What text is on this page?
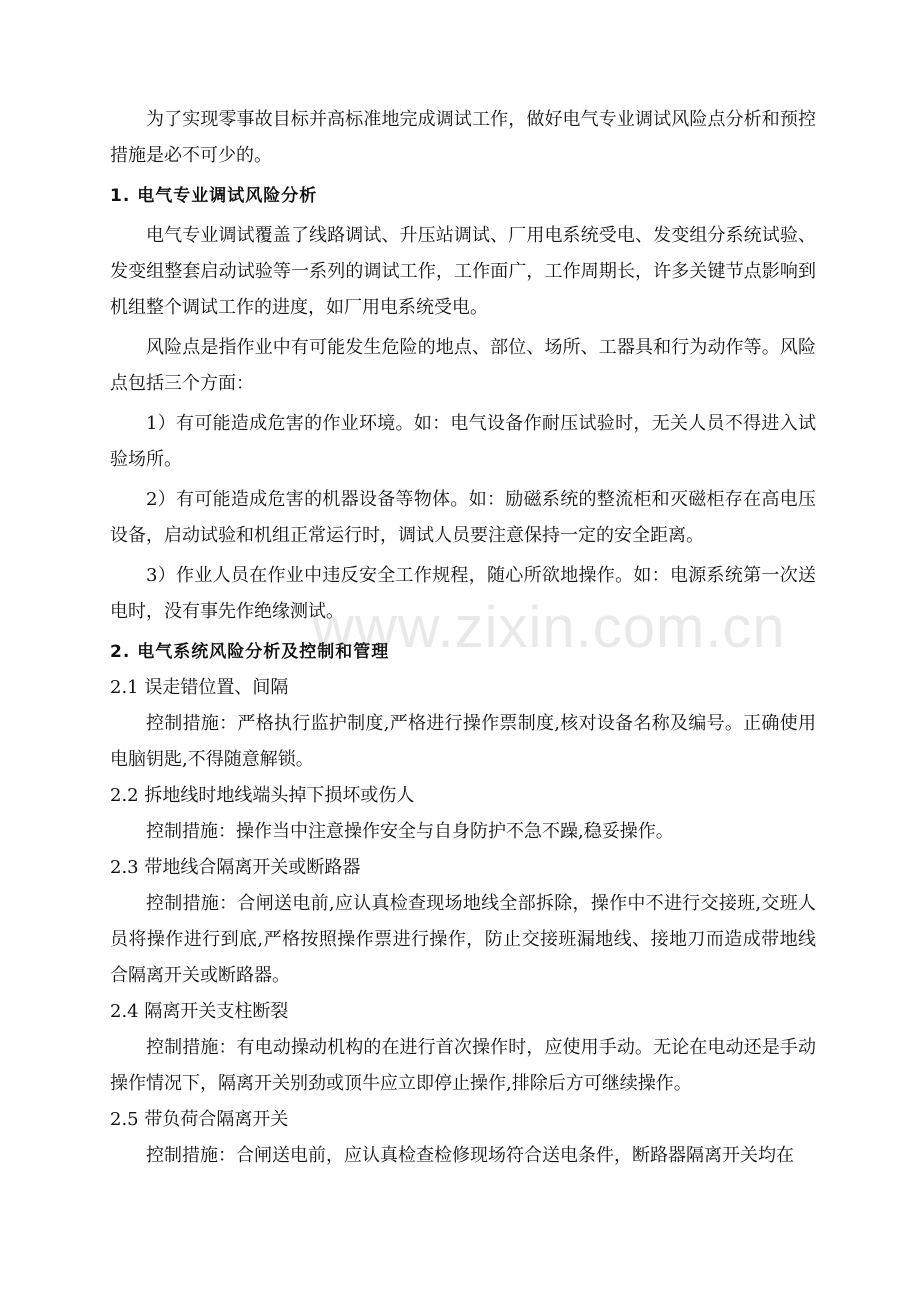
为了实现零事故目标并高标准地完成调试工作，做好电气专业调试风险点分析和预控措施是必不可少的。

1. 电气专业调试风险分析

电气专业调试覆盖了线路调试、升压站调试、厂用电系统受电、发变组分系统试验、发变组整套启动试验等一系列的调试工作，工作面广，工作周期长，许多关键节点影响到机组整个调试工作的进度，如厂用电系统受电。

风险点是指作业中有可能发生危险的地点、部位、场所、工器具和行为动作等。风险点包括三个方面：

1）有可能造成危害的作业环境。如：电气设备作耐压试验时，无关人员不得进入试验场所。

2）有可能造成危害的机器设备等物体。如：励磁系统的整流柜和灭磁柜存在高电压设备，启动试验和机组正常运行时，调试人员要注意保持一定的安全距离。

3）作业人员在作业中违反安全工作规程，随心所欲地操作。如：电源系统第一次送电时，没有事先作绝缘测试。

2. 电气系统风险分析及控制和管理

2.1 误走错位置、间隔

控制措施：严格执行监护制度,严格进行操作票制度,核对设备名称及编号。正确使用电脑钥匙,不得随意解锁。

2.2 拆地线时地线端头掉下损坏或伤人

控制措施：操作当中注意操作安全与自身防护不急不躁,稳妥操作。

2.3 带地线合隔离开关或断路器

控制措施：合闸送电前,应认真检查现场地线全部拆除，操作中不进行交接班,交班人员将操作进行到底,严格按照操作票进行操作，防止交接班漏地线、接地刀而造成带地线合隔离开关或断路器。

2.4 隔离开关支柱断裂

控制措施：有电动操动机构的在进行首次操作时，应使用手动。无论在电动还是手动操作情况下，隔离开关别劲或顶牛应立即停止操作,排除后方可继续操作。

2.5 带负荷合隔离开关

控制措施：合闸送电前，应认真检查检修现场符合送电条件，断路器隔离开关均在

www.zixin.com.cn
